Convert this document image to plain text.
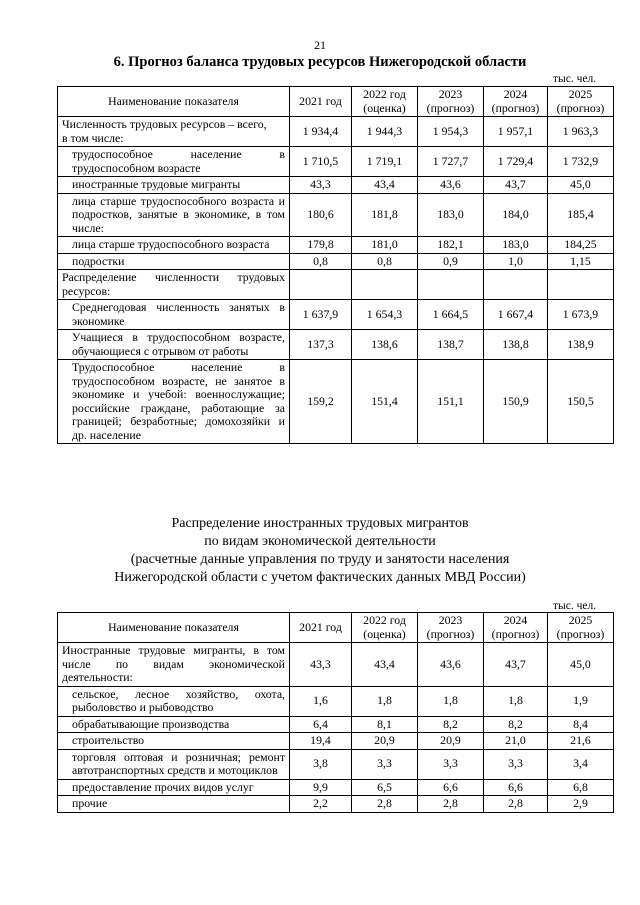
21
6. Прогноз баланса трудовых ресурсов Нижегородской области
тыс. чел.
Наименование показателя	2021 год	2022 год (оценка)	2023 (прогноз)	2024 (прогноз)	2025 (прогноз)
Численность трудовых ресурсов – всего,
в том числе:	1 934,4	1 944,3	1 954,3	1 957,1	1 963,3
трудоспособное население в трудоспособном возрасте	1 710,5	1 719,1	1 727,7	1 729,4	1 732,9
иностранные трудовые мигранты	43,3	43,4	43,6	43,7	45,0
лица старше трудоспособного возраста и подростков, занятые в экономике, в том числе:	180,6	181,8	183,0	184,0	185,4
лица старше трудоспособного возраста	179,8	181,0	182,1	183,0	184,25
подростки	0,8	0,8	0,9	1,0	1,15
Распределение численности трудовых ресурсов:					
Среднегодовая численность занятых в экономике	1 637,9	1 654,3	1 664,5	1 667,4	1 673,9
Учащиеся в трудоспособном возрасте, обучающиеся с отрывом от работы	137,3	138,6	138,7	138,8	138,9
Трудоспособное население в трудоспособном возрасте, не занятое в экономике и учебой: военнослужащие; российские граждане, работающие за границей; безработные; домохозяйки и др. население	159,2	151,4	151,1	150,9	150,5
Распределение иностранных трудовых мигрантов
по видам экономической деятельности
(расчетные данные управления по труду и занятости населения
Нижегородской области с учетом фактических данных МВД России)
тыс. чел.
Наименование показателя	2021 год	2022 год (оценка)	2023 (прогноз)	2024 (прогноз)	2025 (прогноз)
Иностранные трудовые мигранты, в том числе по видам экономической деятельности:	43,3	43,4	43,6	43,7	45,0
сельское, лесное хозяйство, охота, рыболовство и рыбоводство	1,6	1,8	1,8	1,8	1,9
обрабатывающие производства	6,4	8,1	8,2	8,2	8,4
строительство	19,4	20,9	20,9	21,0	21,6
торговля оптовая и розничная; ремонт автотранспортных средств и мотоциклов	3,8	3,3	3,3	3,3	3,4
предоставление прочих видов услуг	9,9	6,5	6,6	6,6	6,8
прочие	2,2	2,8	2,8	2,8	2,9
